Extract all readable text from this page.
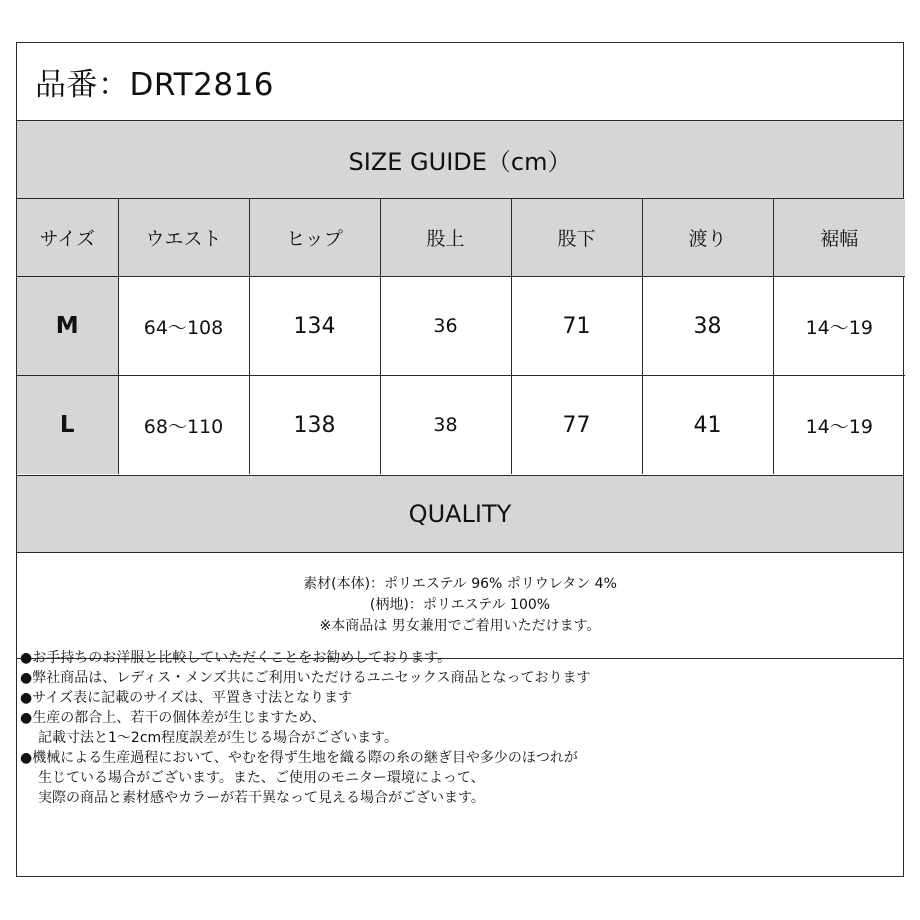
品番：DRT2816
SIZE GUIDE（cm）
サイズ	ウエスト	ヒップ	股上	股下	渡り	裾幅
M	64～108	134	36	71	38	14～19
L	68～110	138	38	77	41	14～19
QUALITY
素材(本体)：ポリエステル 96% ポリウレタン 4%
(柄地)：ポリエステル 100%
※本商品は 男女兼用でご着用いただけます。

●お手持ちのお洋服と比較していただくことをお勧めしております。

●弊社商品は、レディス・メンズ共にご利用いただけるユニセックス商品となっております

●サイズ表に記載のサイズは、平置き寸法となります

●生産の都合上、若干の個体差が生じますため、
記載寸法と1～2cm程度誤差が生じる場合がございます。

●機械による生産過程において、やむを得ず生地を織る際の糸の継ぎ目や多少のほつれが
生じている場合がございます。また、ご使用のモニター環境によって、
実際の商品と素材感やカラーが若干異なって見える場合がございます。
